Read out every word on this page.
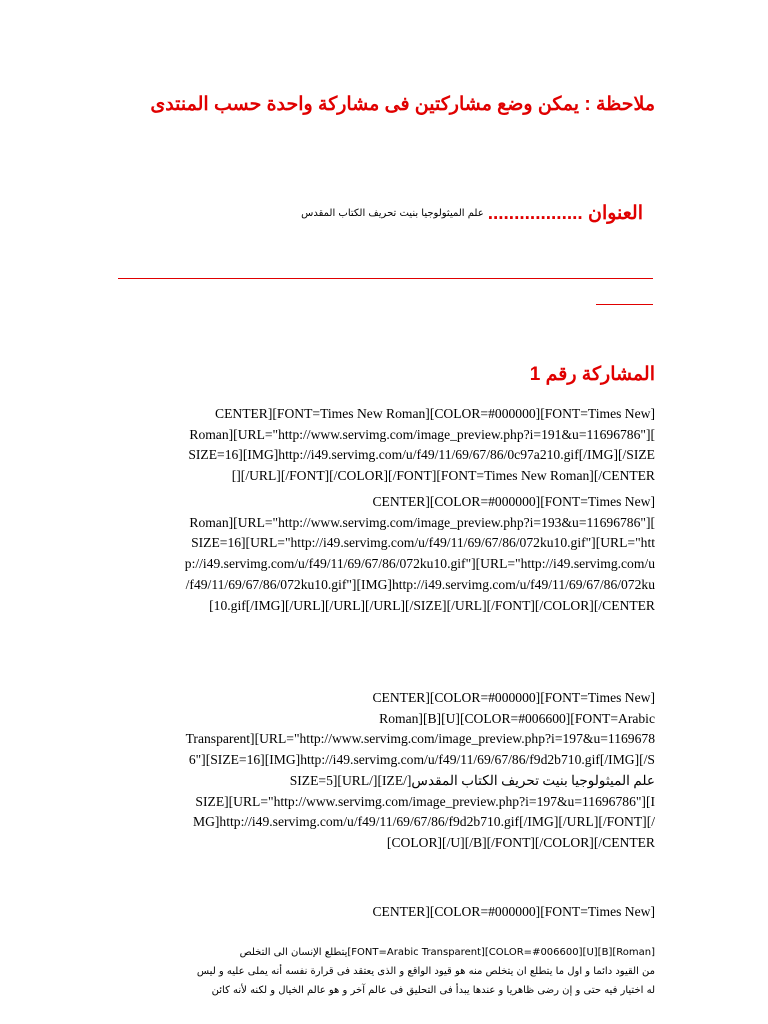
ملاحظة : يمكن وضع مشاركتين فى مشاركة واحدة حسب المنتدى
العنوان .................. علم الميثولوجيا بنيت تحريف الكتاب المقدس
المشاركة رقم 1

CENTER][FONT=Times New Roman][COLOR=#000000][FONT=Times New]
Roman][URL="http://www.servimg.com/image_preview.php?i=191&u=11696786"][
SIZE=16][IMG]http://i49.servimg.com/u/f49/11/69/67/86/0c97a210.gif[/IMG][/SIZE
[][/URL][/FONT][/COLOR][/FONT][FONT=Times New Roman][/CENTER

CENTER][COLOR=#000000][FONT=Times New]
Roman][URL="http://www.servimg.com/image_preview.php?i=193&u=11696786"][
SIZE=16][URL="http://i49.servimg.com/u/f49/11/69/67/86/072ku10.gif"][URL="htt
p://i49.servimg.com/u/f49/11/69/67/86/072ku10.gif"][URL="http://i49.servimg.com/u
/f49/11/69/67/86/072ku10.gif"][IMG]http://i49.servimg.com/u/f49/11/69/67/86/072ku
[10.gif[/IMG][/URL][/URL][/URL][/SIZE][/URL][/FONT][/COLOR][/CENTER

CENTER][COLOR=#000000][FONT=Times New]
Roman][B][U][COLOR=#006600][FONT=Arabic
Transparent][URL="http://www.servimg.com/image_preview.php?i=197&u=1169678
6"][SIZE=16][IMG]http://i49.servimg.com/u/f49/11/69/67/86/f9d2b710.gif[/IMG][/S
علم الميثولوجيا بنيت تحريف الكتاب المقدس[/IZE][/URL][SIZE=5
SIZE][URL="http://www.servimg.com/image_preview.php?i=197&u=11696786"][I
MG]http://i49.servimg.com/u/f49/11/69/67/86/f9d2b710.gif[/IMG][/URL][/FONT][/
[COLOR][/U][/B][/FONT][/COLOR][/CENTER

CENTER][COLOR=#000000][FONT=Times New]

[Roman][B][U][COLOR=#006600][FONT=Arabic Transparent]يتطلع الإنسان الى التخلص
من القيود دائما و اول ما يتطلع ان يتخلص منه هو قيود الواقع و الذى يعتقد فى قرارة نفسه أنه يملى عليه و ليس
له اختيار فيه حتى و إن رضى ظاهريا و عندها يبدأ فى التحليق فى عالم آخر و هو عالم الخيال و لكنه لأنه كائن
